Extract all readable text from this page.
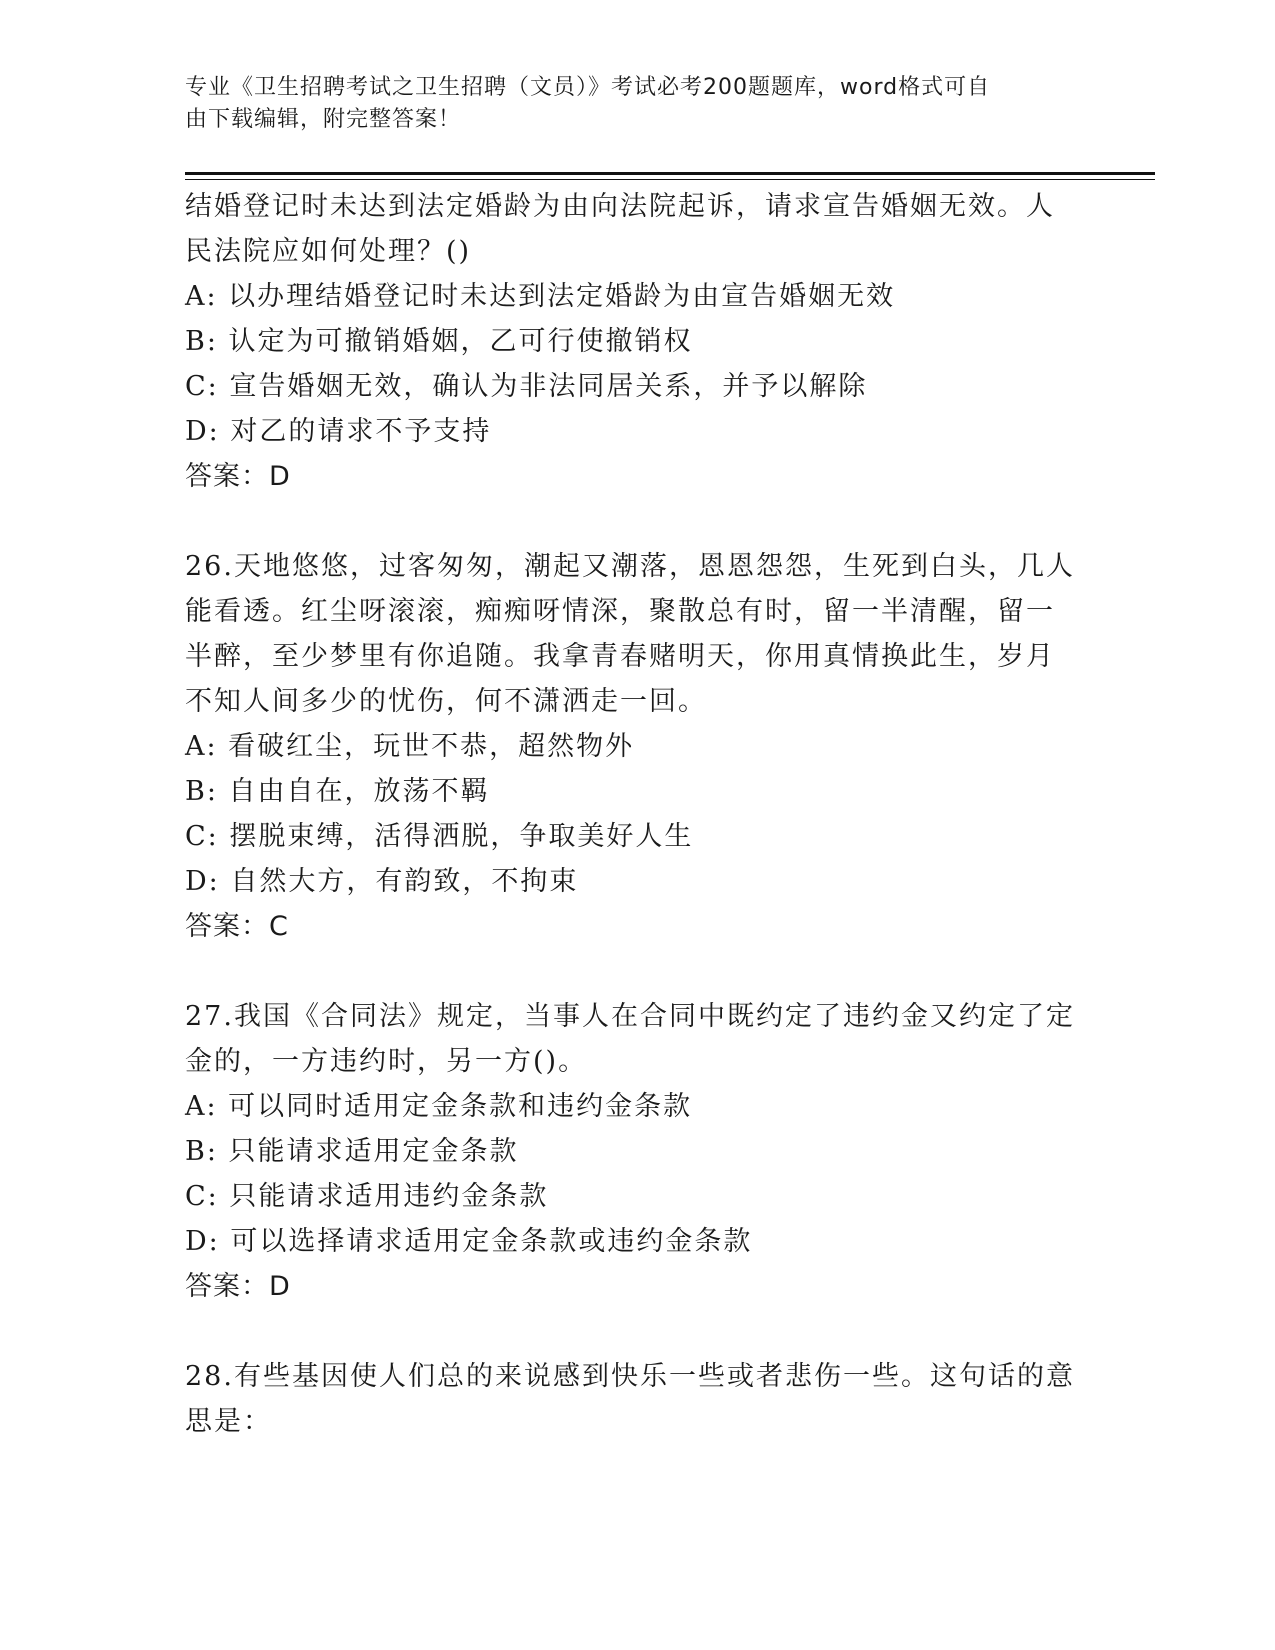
专业《卫生招聘考试之卫生招聘（文员）》考试必考200题题库，word格式可自
由下载编辑，附完整答案！

结婚登记时未达到法定婚龄为由向法院起诉，请求宣告婚姻无效。人

民法院应如何处理？()

A: 以办理结婚登记时未达到法定婚龄为由宣告婚姻无效

B: 认定为可撤销婚姻，乙可行使撤销权

C: 宣告婚姻无效，确认为非法同居关系，并予以解除

D: 对乙的请求不予支持

答案：D

26.天地悠悠，过客匆匆，潮起又潮落，恩恩怨怨，生死到白头，几人

能看透。红尘呀滚滚，痴痴呀情深，聚散总有时，留一半清醒，留一

半醉，至少梦里有你追随。我拿青春赌明天，你用真情换此生，岁月

不知人间多少的忧伤，何不潇洒走一回。

A: 看破红尘，玩世不恭，超然物外

B: 自由自在，放荡不羁

C: 摆脱束缚，活得洒脱，争取美好人生

D: 自然大方，有韵致，不拘束

答案：C

27.我国《合同法》规定，当事人在合同中既约定了违约金又约定了定

金的，一方违约时，另一方()。

A: 可以同时适用定金条款和违约金条款

B: 只能请求适用定金条款

C: 只能请求适用违约金条款

D: 可以选择请求适用定金条款或违约金条款

答案：D

28.有些基因使人们总的来说感到快乐一些或者悲伤一些。这句话的意

思是：
